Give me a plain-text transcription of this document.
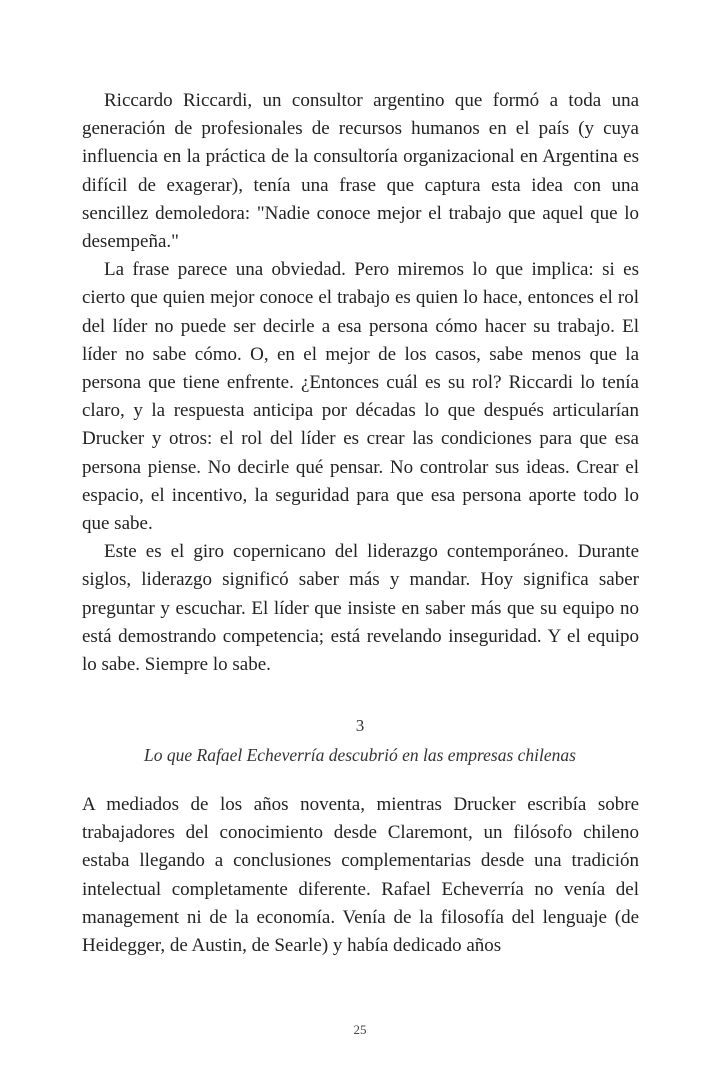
Riccardo Riccardi, un consultor argentino que formó a toda una generación de profesionales de recursos humanos en el país (y cuya influencia en la práctica de la consultoría organizacional en Argentina es difícil de exagerar), tenía una frase que captura esta idea con una sencillez demoledora: "Nadie conoce mejor el trabajo que aquel que lo desempeña."

La frase parece una obviedad. Pero miremos lo que implica: si es cierto que quien mejor conoce el trabajo es quien lo hace, entonces el rol del líder no puede ser decirle a esa persona cómo hacer su trabajo. El líder no sabe cómo. O, en el mejor de los casos, sabe menos que la persona que tiene enfrente. ¿Entonces cuál es su rol? Riccardi lo tenía claro, y la respuesta anticipa por décadas lo que después articularían Drucker y otros: el rol del líder es crear las condiciones para que esa persona piense. No decirle qué pensar. No controlar sus ideas. Crear el espacio, el incentivo, la seguridad para que esa persona aporte todo lo que sabe.

Este es el giro copernicano del liderazgo contemporáneo. Durante siglos, liderazgo significó saber más y mandar. Hoy significa saber preguntar y escuchar. El líder que insiste en saber más que su equipo no está demostrando competencia; está revelando inseguridad. Y el equipo lo sabe. Siempre lo sabe.

3
Lo que Rafael Echeverría descubrió en las empresas chilenas

A mediados de los años noventa, mientras Drucker escribía sobre trabajadores del conocimiento desde Claremont, un filósofo chileno estaba llegando a conclusiones complementarias desde una tradición intelectual completamente diferente. Rafael Echeverría no venía del management ni de la economía. Venía de la filosofía del lenguaje (de Heidegger, de Austin, de Searle) y había dedicado años

25
